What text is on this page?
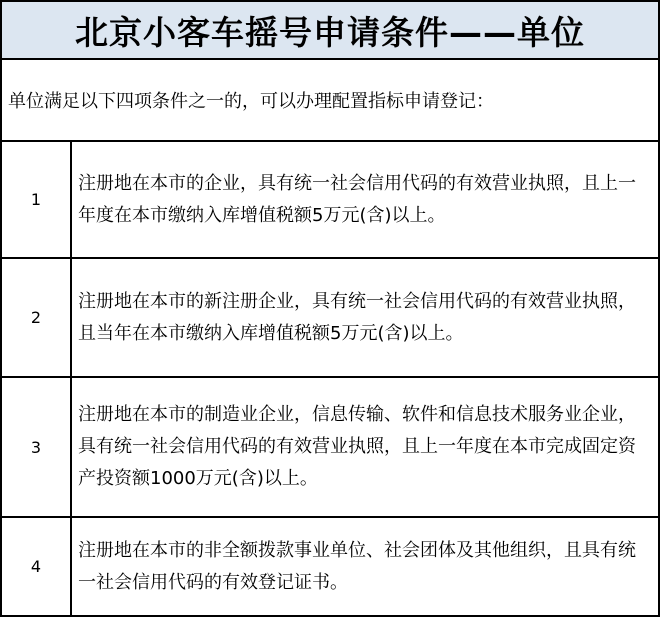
北京小客车摇号申请条件——单位

单位满足以下四项条件之一的，可以办理配置指标申请登记：

1
注册地在本市的企业，具有统一社会信用代码的有效营业执照，且上一年度在本市缴纳入库增值税额5万元(含)以上。
2
注册地在本市的新注册企业，具有统一社会信用代码的有效营业执照，且当年在本市缴纳入库增值税额5万元(含)以上。
3
注册地在本市的制造业企业，信息传输、软件和信息技术服务业企业，具有统一社会信用代码的有效营业执照，且上一年度在本市完成固定资产投资额1000万元(含)以上。
4
注册地在本市的非全额拨款事业单位、社会团体及其他组织，且具有统一社会信用代码的有效登记证书。
